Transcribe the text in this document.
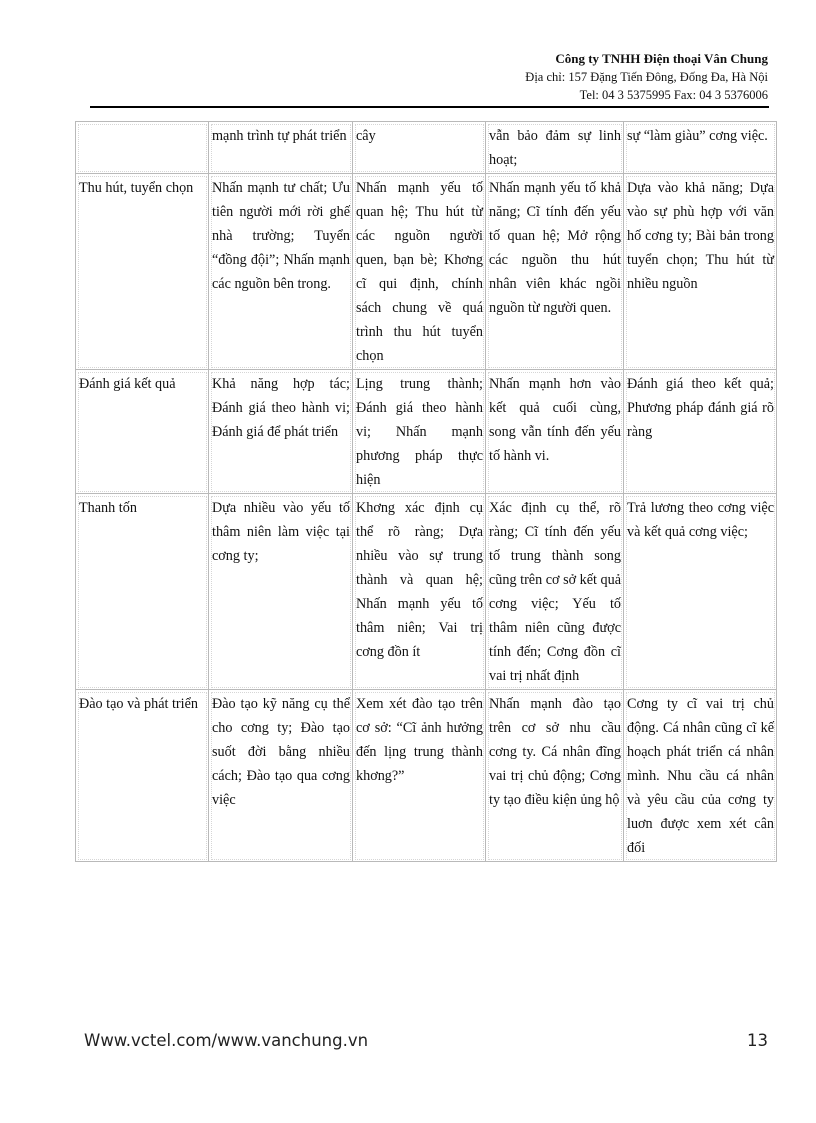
Công ty TNHH Điện thoại Vân Chung
Địa chỉ: 157 Đặng Tiến Đông, Đống Đa, Hà Nội
Tel: 04 3 5375995 Fax: 04 3 5376006
	mạnh trình tự phát triển	cây	vẫn bảo đảm sự linh hoạt;	sự “làm giàu” cơng việc.
Thu hút, tuyển chọn	Nhấn mạnh tư chất; Ưu tiên người mới rời ghế nhà trường; Tuyển “đồng đội”; Nhấn mạnh các nguồn bên trong.	Nhấn mạnh yếu tố quan hệ; Thu hút từ các nguồn người quen, bạn bè; Khơng cĩ qui định, chính sách chung về quá trình thu hút tuyển chọn	Nhấn mạnh yếu tố khả năng; Cĩ tính đến yếu tố quan hệ; Mở rộng các nguồn thu hút nhân viên khác ngồi nguồn từ người quen.	Dựa vào khả năng; Dựa vào sự phù hợp với văn hố cơng ty; Bài bản trong tuyển chọn; Thu hút từ nhiều nguồn
Đánh giá kết quả	Khả năng hợp tác; Đánh giá theo hành vi; Đánh giá để phát triển	Lịng trung thành; Đánh giá theo hành vi; Nhấn mạnh phương pháp thực hiện	Nhấn mạnh hơn vào kết quả cuối cùng, song vẫn tính đến yếu tố hành vi.	Đánh giá theo kết quả; Phương pháp đánh giá rõ ràng
Thanh tốn	Dựa nhiều vào yếu tố thâm niên làm việc tại cơng ty;	Khơng xác định cụ thể rõ ràng; Dựa nhiều vào sự trung thành và quan hệ; Nhấn mạnh yếu tố thâm niên; Vai trị cơng đồn ít	Xác định cụ thể, rõ ràng; Cĩ tính đến yếu tố trung thành song cũng trên cơ sở kết quả cơng việc; Yếu tố thâm niên cũng được tính đến; Cơng đồn cĩ vai trị nhất định	Trả lương theo cơng việc và kết quả cơng việc;
Đào tạo và phát triển	Đào tạo kỹ năng cụ thể cho cơng ty; Đào tạo suốt đời bằng nhiều cách; Đào tạo qua cơng việc	Xem xét đào tạo trên cơ sở: “Cĩ ảnh hưởng đến lịng trung thành khơng?”	Nhấn mạnh đào tạo trên cơ sở nhu cầu cơng ty. Cá nhân đĩng vai trị chủ động; Cơng ty tạo điều kiện ủng hộ	Cơng ty cĩ vai trị chủ động. Cá nhân cũng cĩ kế hoạch phát triển cá nhân mình. Nhu cầu cá nhân và yêu cầu của cơng ty luơn được xem xét cân đối
Www.vctel.com/www.vanchung.vn	13
